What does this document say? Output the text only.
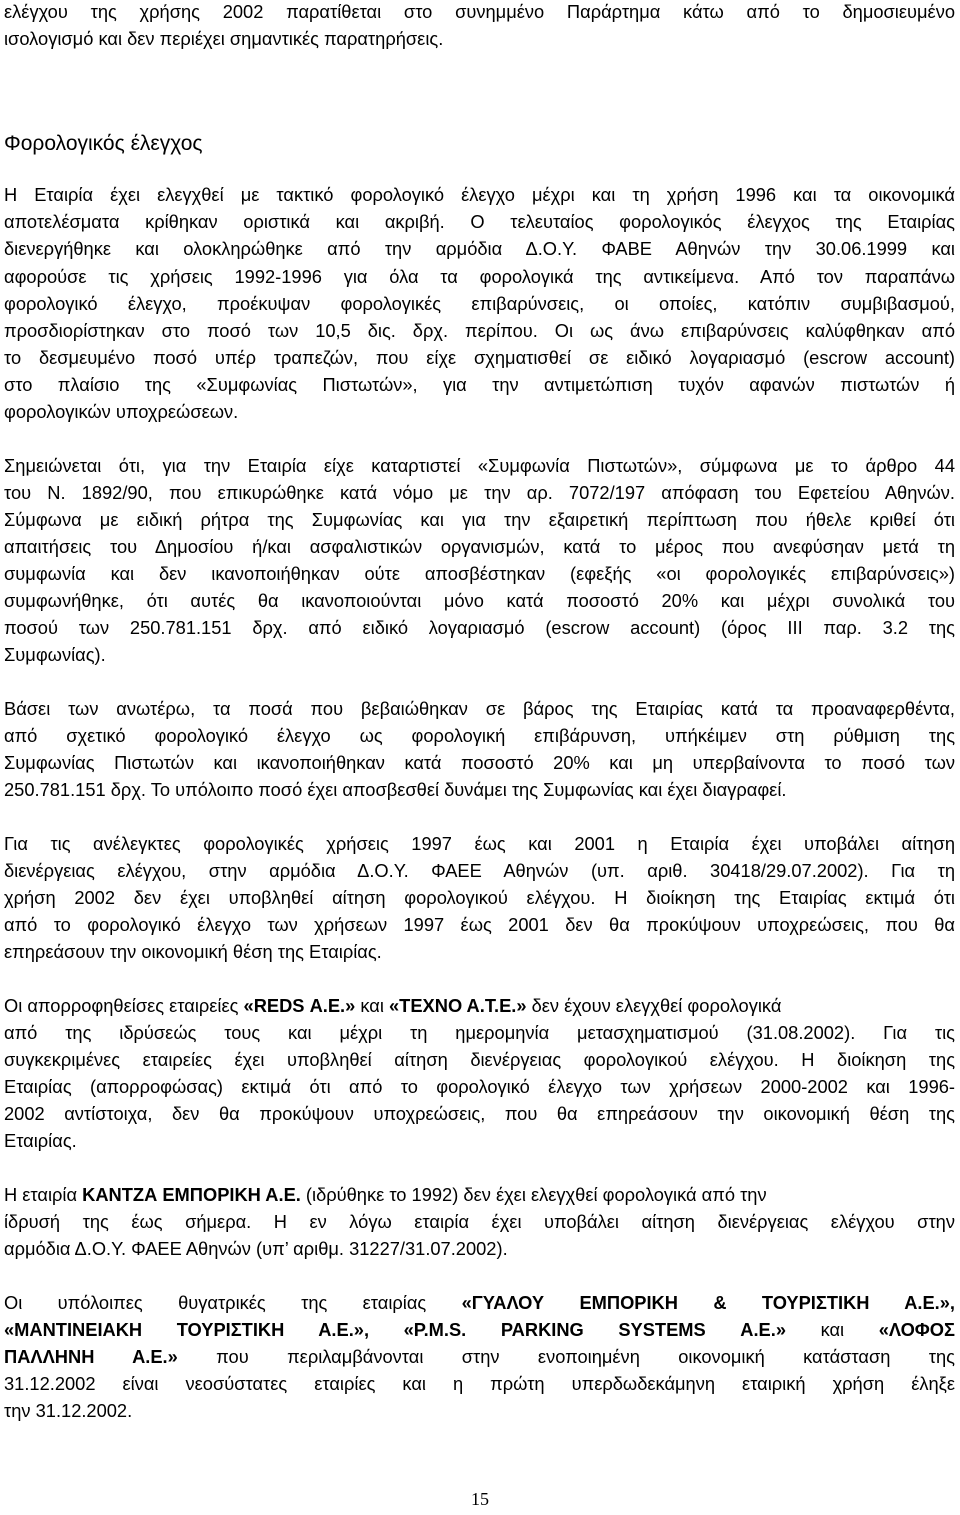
ελέγχου της χρήσης 2002 παρατίθεται στο συνημμένο Παράρτημα κάτω από το δημοσιευμένο
ισολογισμό και δεν περιέχει σημαντικές παρατηρήσεις.
Φορολογικός έλεγχος
Η Εταιρία έχει ελεγχθεί με τακτικό φορολογικό έλεγχο μέχρι και τη χρήση 1996 και τα οικονομικά
αποτελέσματα κρίθηκαν οριστικά και ακριβή. Ο τελευταίος φορολογικός έλεγχος της Εταιρίας
διενεργήθηκε και ολοκληρώθηκε από την αρμόδια Δ.Ο.Υ. ΦΑΒΕ Αθηνών την 30.06.1999 και
αφορούσε τις χρήσεις 1992-1996 για όλα τα φορολογικά της αντικείμενα. Από τον παραπάνω
φορολογικό έλεγχο, προέκυψαν φορολογικές επιβαρύνσεις, οι οποίες, κατόπιν συμβιβασμού,
προσδιορίστηκαν στο ποσό των 10,5 δις. δρχ. περίπου. Οι ως άνω επιβαρύνσεις καλύφθηκαν από
το δεσμευμένο ποσό υπέρ τραπεζών, που είχε σχηματισθεί σε ειδικό λογαριασμό (escrow account)
στο πλαίσιο της «Συμφωνίας Πιστωτών», για την αντιμετώπιση τυχόν αφανών πιστωτών ή
φορολογικών υποχρεώσεων.
Σημειώνεται ότι, για την Εταιρία είχε καταρτιστεί «Συμφωνία Πιστωτών», σύμφωνα με το άρθρο 44
του Ν. 1892/90, που επικυρώθηκε κατά νόμο με την αρ. 7072/197 απόφαση του Εφετείου Αθηνών.
Σύμφωνα με ειδική ρήτρα της Συμφωνίας και για την εξαιρετική περίπτωση που ήθελε κριθεί ότι
απαιτήσεις του Δημοσίου ή/και ασφαλιστικών οργανισμών, κατά το μέρος που ανεφύσηαν μετά τη
συμφωνία και δεν ικανοποιήθηκαν ούτε αποσβέστηκαν (εφεξής «οι φορολογικές επιβαρύνσεις»)
συμφωνήθηκε, ότι αυτές θα ικανοποιούνται μόνο κατά ποσοστό 20% και μέχρι συνολικά του
ποσού των 250.781.151 δρχ. από ειδικό λογαριασμό (escrow account) (όρος III παρ. 3.2 της
Συμφωνίας).
Βάσει των ανωτέρω, τα ποσά που βεβαιώθηκαν σε βάρος της Εταιρίας κατά τα προαναφερθέντα,
από σχετικό φορολογικό έλεγχο ως φορολογική επιβάρυνση, υπήκέιμεν στη ρύθμιση της
Συμφωνίας Πιστωτών και ικανοποιήθηκαν κατά ποσοστό 20% και μη υπερβαίνοντα το ποσό των
250.781.151 δρχ. Το υπόλοιπο ποσό έχει αποσβεσθεί δυνάμει της Συμφωνίας και έχει διαγραφεί.
Για τις ανέλεγκτες φορολογικές χρήσεις 1997 έως και 2001 η Εταιρία έχει υποβάλει αίτηση
διενέργειας ελέγχου, στην αρμόδια Δ.Ο.Υ. ΦΑΕΕ Αθηνών (υπ. αριθ. 30418/29.07.2002). Για τη
χρήση 2002 δεν έχει υποβληθεί αίτηση φορολογικού ελέγχου. Η διοίκηση της Εταιρίας εκτιμά ότι
από το φορολογικό έλεγχο των χρήσεων 1997 έως 2001 δεν θα προκύψουν υποχρεώσεις, που θα
επηρεάσουν την οικονομική θέση της Εταιρίας.
Οι απορροφηθείσες εταιρείες «REDS Α.Ε.» και «ΤΕΧΝΟ Α.Τ.Ε.» δεν έχουν ελεγχθεί φορολογικά
από της ιδρύσεώς τους και μέχρι τη ημερομηνία μετασχηματισμού (31.08.2002). Για τις
συγκεκριμένες εταιρείες έχει υποβληθεί αίτηση διενέργειας φορολογικού ελέγχου. Η διοίκηση της
Εταιρίας (απορροφώσας) εκτιμά ότι από το φορολογικό έλεγχο των χρήσεων 2000-2002 και 1996-
2002 αντίστοιχα, δεν θα προκύψουν υποχρεώσεις, που θα επηρεάσουν την οικονομική θέση της
Εταιρίας.
Η εταιρία ΚΑΝΤΖΑ ΕΜΠΟΡΙΚΗ Α.Ε. (ιδρύθηκε το 1992) δεν έχει ελεγχθεί φορολογικά από την
ίδρυσή της έως σήμερα. Η εν λόγω εταιρία έχει υποβάλει αίτηση διενέργειας ελέγχου στην
αρμόδια Δ.Ο.Υ. ΦΑΕΕ Αθηνών (υπ’ αριθμ. 31227/31.07.2002).
Οι υπόλοιπες θυγατρικές της εταιρίας «ΓΥΑΛΟΥ ΕΜΠΟΡΙΚΗ & ΤΟΥΡΙΣΤΙΚΗ Α.Ε.»,
«ΜΑΝΤΙΝΕΙΑΚΗ ΤΟΥΡΙΣΤΙΚΗ Α.Ε.», «P.M.S. PARKING SYSTEMS Α.Ε.» και «ΛΟΦΟΣ
ΠΑΛΛΗΝΗ Α.Ε.» που περιλαμβάνονται στην ενοποιημένη οικονομική κατάσταση της
31.12.2002 είναι νεοσύστατες εταιρίες και η πρώτη υπερδωδεκάμηνη εταιρική χρήση έληξε
την 31.12.2002.
15
